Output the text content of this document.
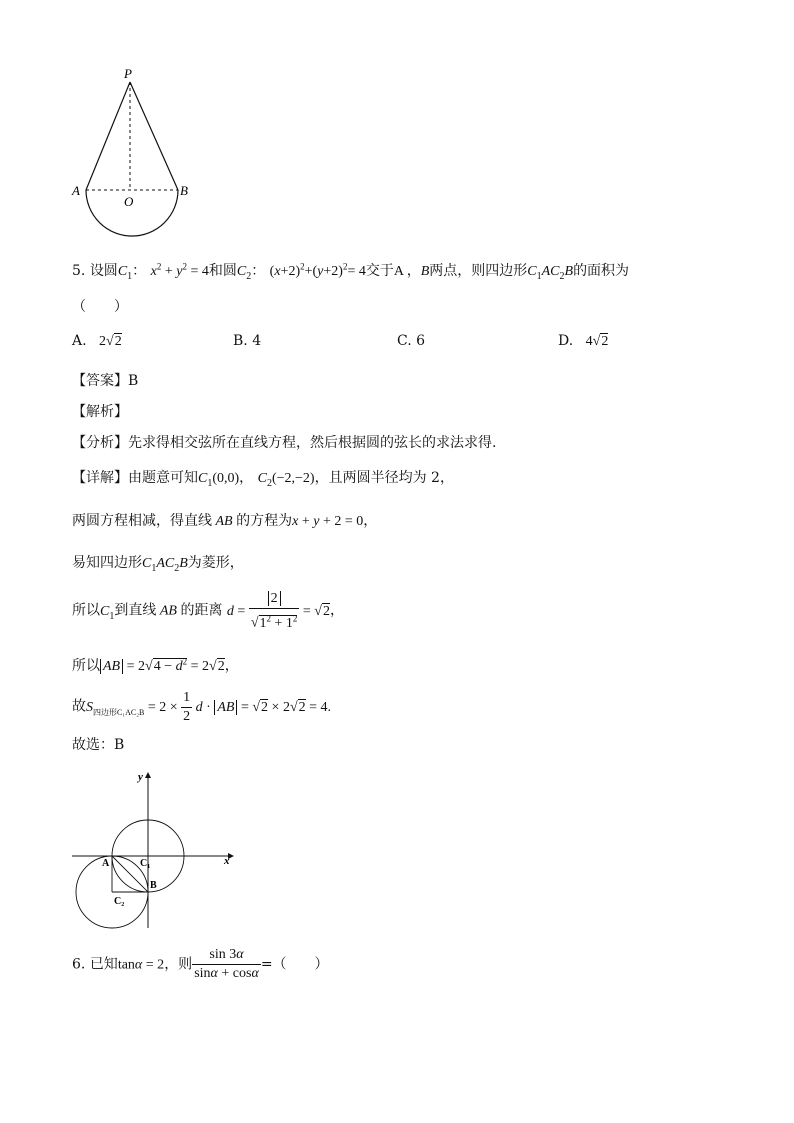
P
A
O
B
5. 设圆$C_1$： $x^2 + y^2 = 4$和圆$C_2$： $(x+2)^2+(y+2)^2= 4$交于A ，B两点，则四边形$C_1AC_2B$的面积为
（　　）
A. 2√2	B. 4	C. 6	D. 4√2
【答案】B
【解析】
【分析】先求得相交弦所在直线方程，然后根据圆的弦长的求法求得.
【详解】由题意可知$C_1(0,0)$， $C_2(-2,-2)$，且两圆半径均为 2，
两圆方程相减，得直线 AB 的方程为x + y + 2 = 0，
易知四边形$C_1AC_2B$为菱形，
所以$C_1$到直线 AB 的距离 $d = \frac{2}{√1^2 + 1^2} = √2$，
所以 AB = $2√4 - d^2 = 2√2$，
故$S_{四边形C_1AC_2B} = 2 \times \frac{1}{2}$ d · AB = √2 × 2√2 = 4.
故选：B
y
x
A	C₁
B
C₂
6. 已知tanα = 2，则 $\frac{\sin 3\alpha}{\sin\alpha + \cos\alpha}$ =（　　）
